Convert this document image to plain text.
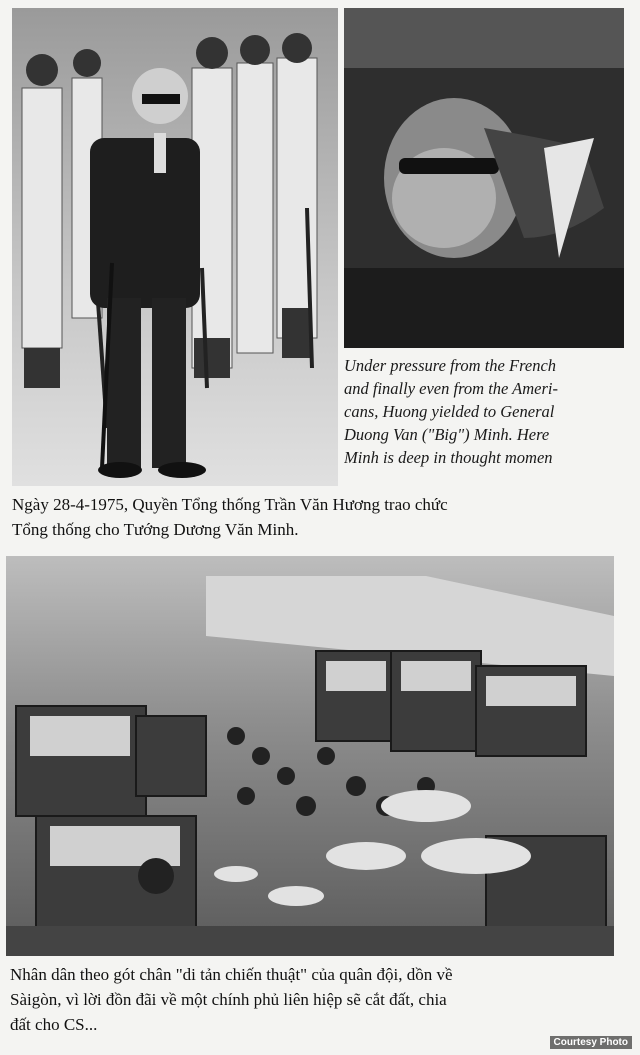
Under pressure from the French
and finally even from the Ameri-
cans, Huong yielded to General
Duong Van ("Big") Minh. Here
Minh is deep in thought momen
Ngày 28-4-1975, Quyền Tổng thống Trần Văn Hương trao chức
Tổng thống cho Tướng Dương Văn Minh.
Nhân dân theo gót chân "di tản chiến thuật" của quân đội, dồn về
Sàigòn, vì lời đồn đãi về một chính phủ liên hiệp sẽ cắt đất, chia
đất cho CS...
Courtesy Photo
